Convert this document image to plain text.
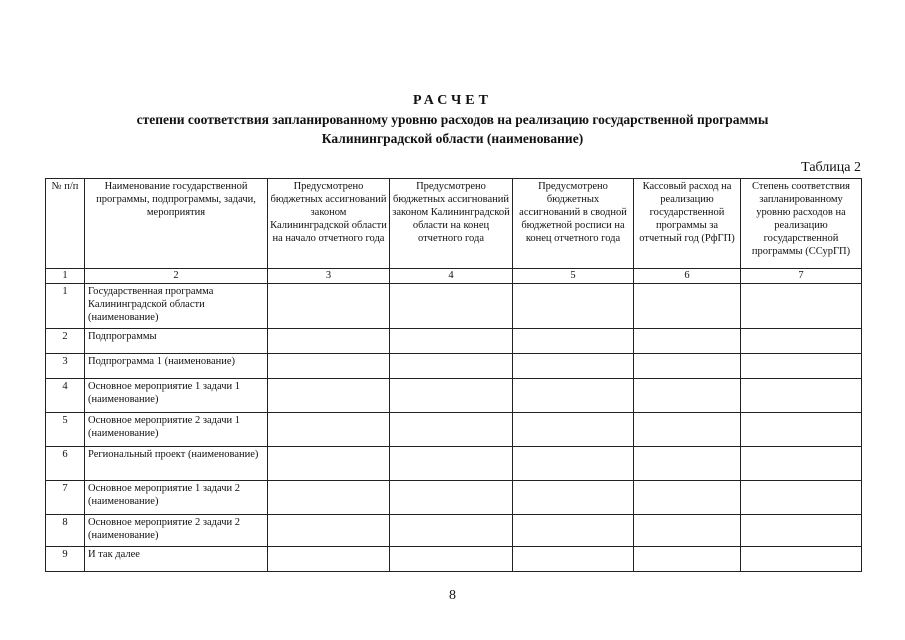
РАСЧЕТ
степени соответствия запланированному уровню расходов на реализацию государственной программы
Калининградской области (наименование)
Таблица 2
№ п/п	Наименование государственной программы, подпрограммы, задачи, мероприятия	Предусмотрено бюджетных ассигнований законом Калининградской области на начало отчетного года	Предусмотрено бюджетных ассигнований законом Калининградской области на конец отчетного года	Предусмотрено бюджетных ассигнований в сводной бюджетной росписи на конец отчетного года	Кассовый расход на реализацию государственной программы за отчетный год (РфГП)	Степень соответствия запланированному уровню расходов на реализацию государственной программы (ССурГП)
1	2	3	4	5	6	7
1	Государственная программа Калининградской области (наименование)					
2	Подпрограммы					
3	Подпрограмма 1 (наименование)					
4	Основное мероприятие 1 задачи 1 (наименование)					
5	Основное мероприятие 2 задачи 1 (наименование)					
6	Региональный проект (наименование)					
7	Основное мероприятие 1 задачи 2 (наименование)					
8	Основное мероприятие 2 задачи 2 (наименование)					
9	И так далее					
8
